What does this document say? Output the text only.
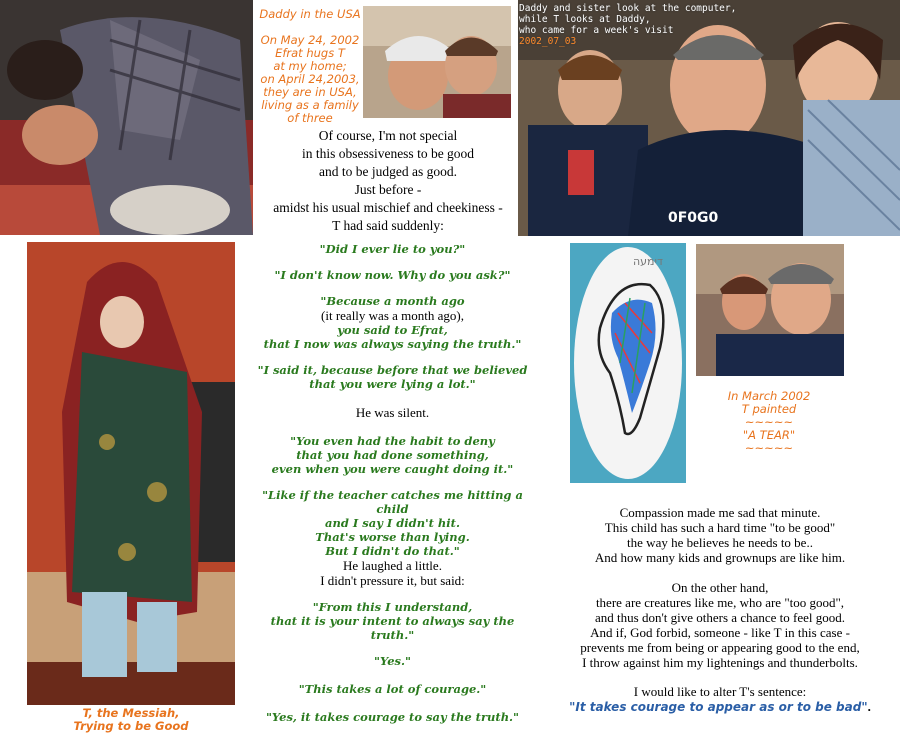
Daddy in the USA
On May 24, 2002
Efrat hugs T
at my home;
on April 24,2003,
they are in USA,
living as a family
of three
0F0G0
Daddy and sister look at the computer,
while T looks at Daddy,
who came for a week's visit
2002_07_03
Of course, I'm not special
in this obsessiveness to be good
and to be judged as good.
Just before -
amidst his usual mischief and cheekiness -
T had said suddenly:
T, the Messiah,
Trying to be Good
"Did I ever lie to you?"
"I don't know now. Why do you ask?"
"Because a month ago
(it really was a month ago),
you said to Efrat,
that I now was always saying the truth."
"I said it, because before that we believed
that you were lying a lot."
He was silent.
"You even had the habit to deny
that you had done something,
even when you were caught doing it."
"Like if the teacher catches me hitting a child
and I say I didn't hit.
That's worse than lying.
But I didn't do that."
He laughed a little.
I didn't pressure it, but said:
"From this I understand,
that it is your intent to always say the truth."
"Yes."
"This takes a lot of courage."
"Yes, it takes courage to say the truth."
דימעה
In March 2002
T painted
~~~~~
"A TEAR"
~~~~~
Compassion made me sad that minute.
This child has such a hard time "to be good"
the way he believes he needs to be..
And how many kids and grownups are like him.
On the other hand,
there are creatures like me, who are "too good",
and thus don't give others a chance to feel good.
And if, God forbid, someone - like T in this case -
prevents me from being or appearing good to the end,
I throw against him my lightenings and thunderbolts.
I would like to alter T's sentence:
"It takes courage to appear as or to be bad".
